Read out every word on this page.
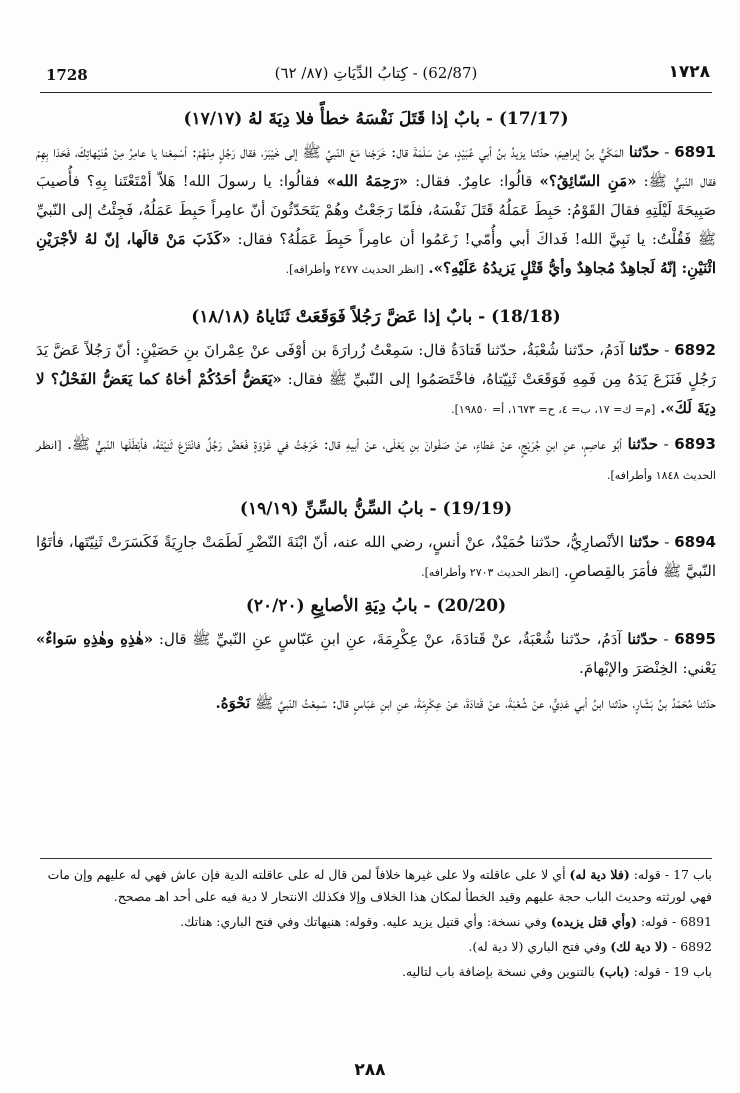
1728	(62/87) - كِتابُ الدِّيَاتِ (٨٧/ ٦٢)	١٧٢٨
(17/17) - بابٌ إذا قَتَلَ نَفْسَهُ خطأً فلا دِيَةَ لهُ (١٧/١٧)

6891 - حدّثنا المَكّيُّ بنُ إبراهِيمَ، حدّثنا يزيدُ بنُ أبي عُبَيْدٍ، عنْ سَلَمَةَ قال: خَرَجْنا مَعَ النّبيِّ ﷺ إلى خَيْبَرَ، فقال رَجُلٍ مِنْهُمْ: أسْمِعْنا يا عامِرُ مِنْ هُنَيْهاتِكَ، فَحَدَا بِهِمْ فقال النّبيُّ ﷺ: «مَنِ السّائِقُ؟» قالُوا: عامِرٌ. فقال: «رَحِمَهُ الله» فقالُوا: يا رسولَ الله! هَلاّ أمْتَعْتَنا بِهِ؟ فأُصيبَ صَبِيحَةَ لَيْلَتِهِ فقالَ القَوْمُ: حَبِطَ عَمَلُهُ قَتَلَ نَفْسَهُ، فلَمّا رَجَعْتُ وهُمْ يَتَحَدّثُونَ أنّ عامِراً حَبِطَ عَمَلُهُ، فَجِئْتُ إلى النّبيِّ ﷺ فَقُلْتُ: يا نَبِيَّ الله! فَداكَ أبي وأُمّي! زَعَمُوا أن عامِراً حَبِطَ عَمَلُهُ؟ فقال: «كَذَبَ مَنْ قالَها، إنّ لهُ لأجْرَيْنِ اثْنَيْنِ: إنّهُ لَجاهِدٌ مُجاهِدٌ وأيُّ قَتْلٍ يَزيدُهُ عَلَيْهِ؟». [انظر الحديث ٢٤٧٧ وأطرافه].

(18/18) - بابٌ إذا عَضَّ رَجُلاً فَوَقَعَتْ ثَنَاياهُ (١٨/١٨)

6892 - حدّثنا آدَمُ، حدّثنا شُعْبَةُ، حدّثنا قَتادَةُ قال: سَمِعْتُ زُرارَةَ بن أوْفَى عنْ عِمْرانَ بنِ حَصَيْنٍ: أنّ رَجُلاً عَضَّ يَدَ رَجُلٍ فَنَزَعَ يَدَهُ مِن فَمِهِ فَوَقَعَتْ ثَنِيّتاهُ، فاخْتَصَمُوا إلى النّبيِّ ﷺ فقال: «يَعَضُّ أحَدُكُمْ أخاهُ كما يَعَضُّ الفَحْلُ؟ لا دِيَةَ لَكَ». [م= ك= ١٧، ب= ٤، ح= ١٦٧٣، أ= ١٩٨٥٠].

6893 - حدّثنا أبُو عاصِمٍ، عنِ ابنِ جُرَيْجٍ، عنْ عَطاءٍ، عنْ صَفْوانَ بنِ يَعْلَى، عنْ أبيهِ قال: خَرَجْتُ في غَزْوَةٍ فَعَضَّ رَجُلٌ فانْتَزَعَ ثَنِيّتَهُ، فأبْطَلَها النّبيُّ ﷺ. [انظر الحديث ١٨٤٨ وأطرافه].

(19/19) - بابُ السِّنُّ بالسِّنِّ (١٩/١٩)

6894 - حدّثنا الأنْصارِيُّ، حدّثنا حُمَيْدٌ، عنْ أنسٍ، رضي الله عنه، أنّ ابْنَةَ النّضْرِ لَطَمَتْ جارِيَةً فَكَسَرَتْ ثَنِيّتَها، فأتَوُا النّبيَّ ﷺ فأمَرَ بالقِصاصِ. [انظر الحديث ٢٧٠٣ وأطرافه].

(20/20) - بابُ دِيَةِ الأصابِعِ (٢٠/٢٠)

6895 - حدّثنا آدَمُ، حدّثنا شُعْبَةُ، عنْ قَتادَةَ، عنْ عِكْرِمَةَ، عنِ ابنِ عَبّاسٍ عنِ النّبيِّ ﷺ قال: «هٰذِهِ وهٰذِهِ سَواءٌ» يَعْني: الخِنْصَرَ والإبْهامَ.

حدّثنا مُحَمّدُ بنُ بَشّارٍ، حدّثنا ابنُ أبي عَدِيٍّ، عنْ شُعْبَةَ، عنْ قَتادَةَ، عنْ عِكْرِمَةَ، عنِ ابنِ عَبّاسٍ قال: سَمِعْتُ النّبيَّ ﷺ نَحْوَهُ.

باب 17 - قوله: (فلا دية له) أي لا على عاقلته ولا على غيرها خلافاً لمن قال له على عاقلته الدية فإن عاش فهي له عليهم وإن مات فهي لورثته وحديث الباب حجة عليهم وقيد الخطأ لمكان هذا الخلاف وإلا فكذلك الانتحار لا دية فيه على أحد اهـ مصحح.

6891 - قوله: (وأي قتل يزيده) وفي نسخة: وأي قتيل يزيد عليه. وقوله: هنيهاتك وفي فتح الباري: هناتك.

6892 - (لا دية لك) وفي فتح الباري (لا دية له).

باب 19 - قوله: (باب) بالتنوين وفي نسخة بإضافة باب لتاليه.

٢٨٨
